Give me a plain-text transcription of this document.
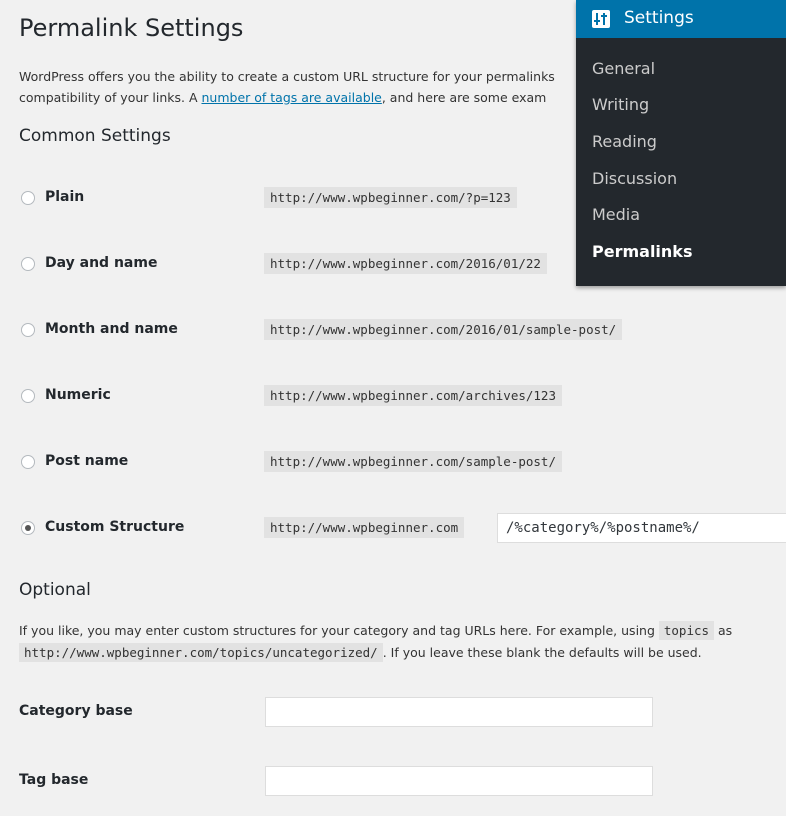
Permalink Settings
WordPress offers you the ability to create a custom URL structure for your permalinks
compatibility of your links. A number of tags are available, and here are some exam
Common Settings
Plain	http://www.wpbeginner.com/?p=123
Day and name	http://www.wpbeginner.com/2016/01/22
Month and name	http://www.wpbeginner.com/2016/01/sample-post/
Numeric	http://www.wpbeginner.com/archives/123
Post name	http://www.wpbeginner.com/sample-post/
Custom Structure	http://www.wpbeginner.com
/%category%/%postname%/
Optional
If you like, you may enter custom structures for your category and tag URLs here. For example, using topics as
http://www.wpbeginner.com/topics/uncategorized/ . If you leave these blank the defaults will be used.
Category base
Tag base
Settings
General
Writing
Reading
Discussion
Media
Permalinks
